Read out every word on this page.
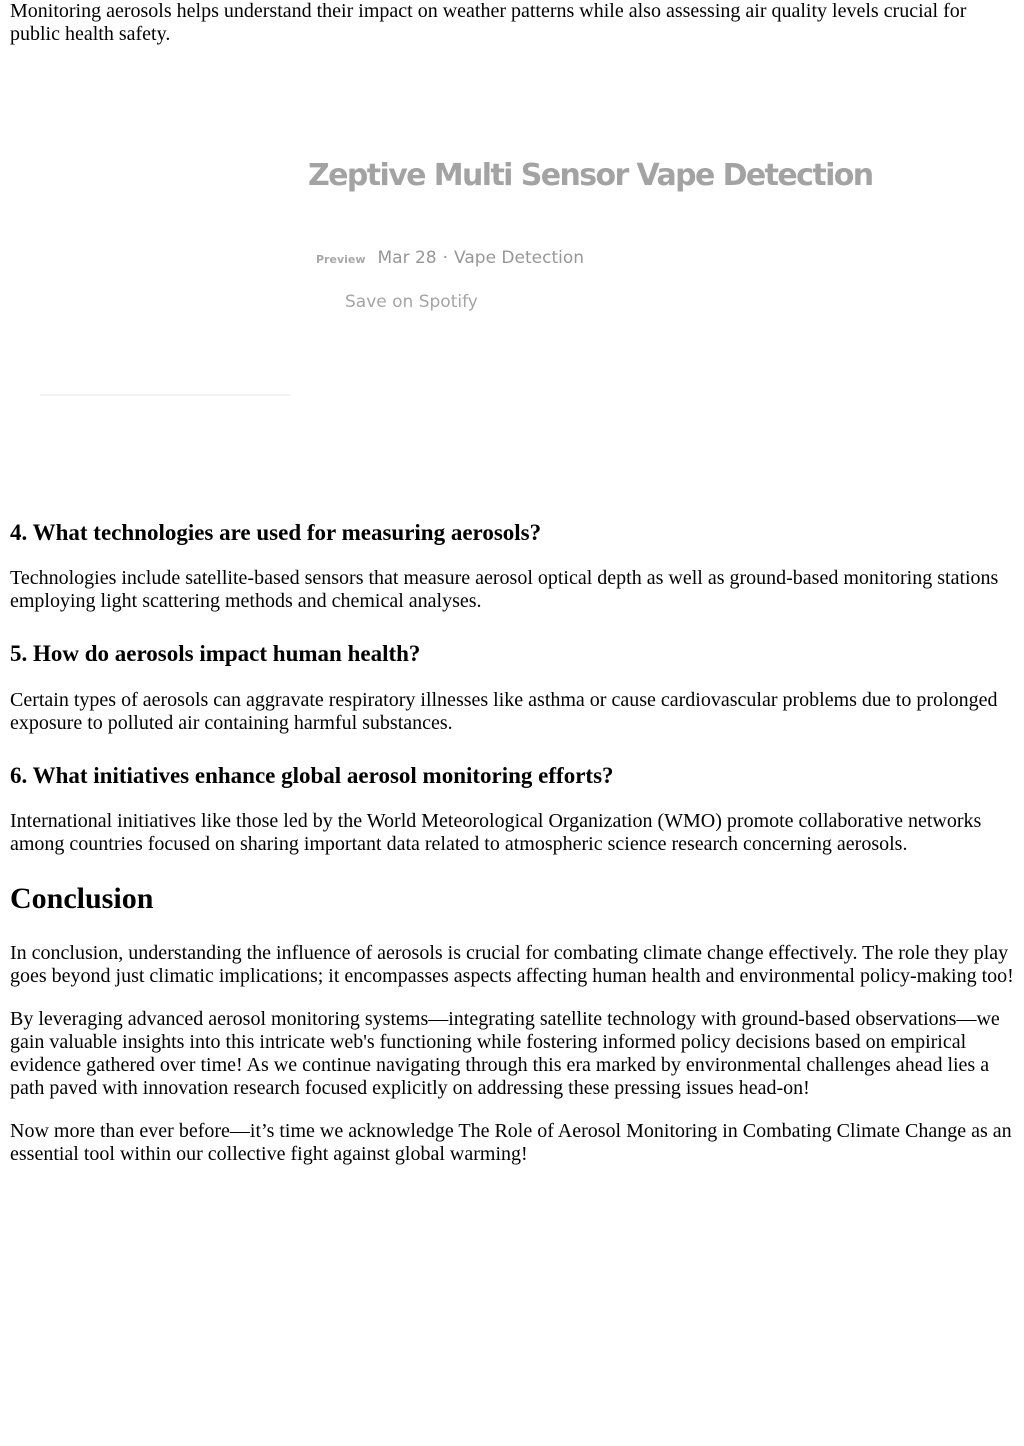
Monitoring aerosols helps understand their impact on weather patterns while also assessing air quality levels crucial for public health safety.

Zeptive Multi Sensor Vape Detection
Preview Mar 28 · Vape Detection
Save on Spotify
4. What technologies are used for measuring aerosols?

Technologies include satellite-based sensors that measure aerosol optical depth as well as ground-based monitoring stations employing light scattering methods and chemical analyses.

5. How do aerosols impact human health?

Certain types of aerosols can aggravate respiratory illnesses like asthma or cause cardiovascular problems due to prolonged exposure to polluted air containing harmful substances.

6. What initiatives enhance global aerosol monitoring efforts?

International initiatives like those led by the World Meteorological Organization (WMO) promote collaborative networks among countries focused on sharing important data related to atmospheric science research concerning aerosols.

Conclusion

In conclusion, understanding the influence of aerosols is crucial for combating climate change effectively. The role they play goes beyond just climatic implications; it encompasses aspects affecting human health and environmental policy-making too!

By leveraging advanced aerosol monitoring systems—integrating satellite technology with ground-based observations—we gain valuable insights into this intricate web's functioning while fostering informed policy decisions based on empirical evidence gathered over time! As we continue navigating through this era marked by environmental challenges ahead lies a path paved with innovation research focused explicitly on addressing these pressing issues head-on!

Now more than ever before—it’s time we acknowledge The Role of Aerosol Monitoring in Combating Climate Change as an essential tool within our collective fight against global warming!
